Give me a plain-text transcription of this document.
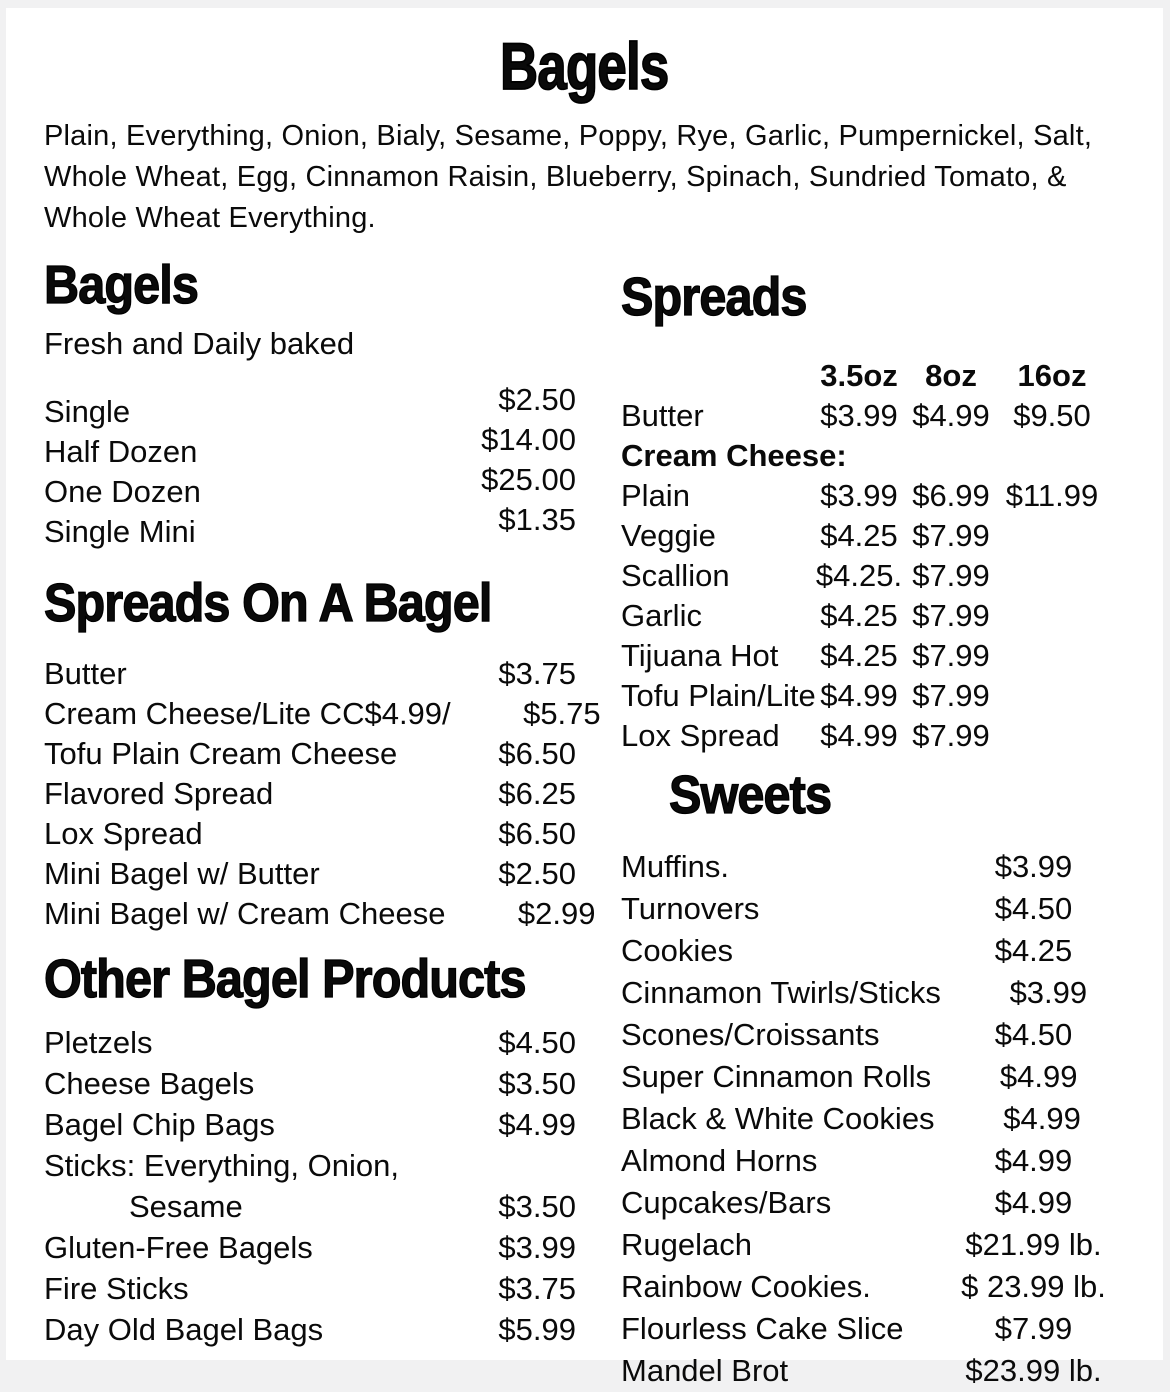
Bagels
Plain, Everything, Onion, Bialy, Sesame, Poppy, Rye, Garlic, Pumpernickel, Salt,
Whole Wheat, Egg, Cinnamon Raisin, Blueberry, Spinach, Sundried Tomato, &
Whole Wheat Everything.
Bagels
Fresh and Daily baked
Single	$2.50
Half Dozen	$14.00
One Dozen	$25.00
Single Mini	$1.35
Spreads On A Bagel
Butter	$3.75
Cream Cheese/Lite CC$4.99/	$5.75
Tofu Plain Cream Cheese	$6.50
Flavored Spread	$6.25
Lox Spread	$6.50
Mini Bagel w/ Butter	$2.50
Mini Bagel w/ Cream Cheese	$2.99
Other Bagel Products
Pletzels	$4.50
Cheese Bagels	$3.50
Bagel Chip Bags	$4.99
Sticks: Everything, Onion,
Sesame	$3.50
Gluten-Free Bagels	$3.99
Fire Sticks	$3.75
Day Old Bagel Bags	$5.99
Spreads
3.5oz 8oz	16oz
Butter	$3.99 $4.99 $9.50
Cream Cheese:
Plain	$3.99 $6.99 $11.99
Veggie	$4.25 $7.99
Scallion	$4.25. $7.99
Garlic	$4.25 $7.99
Tijuana Hot	$4.25 $7.99
Tofu Plain/Lite $4.99 $7.99
Lox Spread	$4.99 $7.99
Sweets
Muffins.	$3.99
Turnovers	$4.50
Cookies	$4.25
Cinnamon Twirls/Sticks	$3.99
Scones/Croissants	$4.50
Super Cinnamon Rolls	$4.99
Black & White Cookies	$4.99
Almond Horns	$4.99
Cupcakes/Bars	$4.99
Rugelach	$21.99 lb.
Rainbow Cookies.	$ 23.99 lb.
Flourless Cake Slice	$7.99
Mandel Brot	$23.99 lb.
